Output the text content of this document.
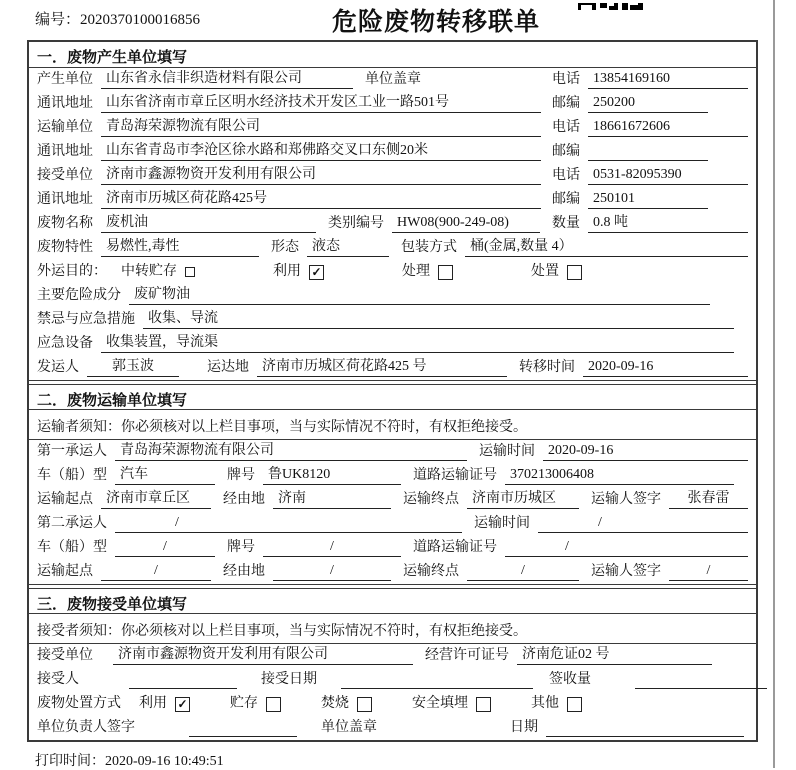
编号：2020370100016856	危险废物转移联单
一．废物产生单位填写
产生单位 山东省永信非织造材料有限公司	单位盖章	电话 13854169160
通讯地址 山东省济南市章丘区明水经济技术开发区工业一路501号	邮编 250200
运输单位 青岛海荣源物流有限公司	电话 18661672606
通讯地址 山东省青岛市李沧区徐水路和郑佛路交叉口东侧20米	邮编
接受单位 济南市鑫源物资开发利用有限公司	电话 0531-82095390
通讯地址 济南市历城区荷花路425号	邮编 250101
废物名称 废机油	类别编号 HW08(900-249-08)	数量 0.8 吨
废物特性 易燃性,毒性	形态 液态	包装方式 桶(金属,数量 4）
外运目的： 中转贮存	利用 ✓	处理	处置
主要危险成分 废矿物油
禁忌与应急措施 收集、导流
应急设备 收集装置，导流渠
发运人	郭玉波	运达地 济南市历城区荷花路425 号	转移时间 2020-09-16
二．废物运输单位填写
运输者须知：你必须核对以上栏目事项，当与实际情况不符时，有权拒绝接受。
第一承运人 青岛海荣源物流有限公司	运输时间 2020-09-16
车（船）型 汽车	牌号 鲁UK8120	道路运输证号 370213006408
运输起点 济南市章丘区	经由地 济南	运输终点 济南市历城区	运输人签字	张春雷
第二承运人	/	运输时间	/
车（船）型	/	牌号	/	道路运输证号	/
运输起点	/	经由地	/	运输终点	/	运输人签字	/
三．废物接受单位填写
接受者须知：你必须核对以上栏目事项，当与实际情况不符时，有权拒绝接受。
接受单位	济南市鑫源物资开发利用有限公司	经营许可证号 济南危证02 号
接受人	接受日期	签收量
废物处置方式 利用 ✓	贮存	焚烧	安全填埋	其他
单位负责人签字	单位盖章	日期
打印时间：2020-09-16 10:49:51
